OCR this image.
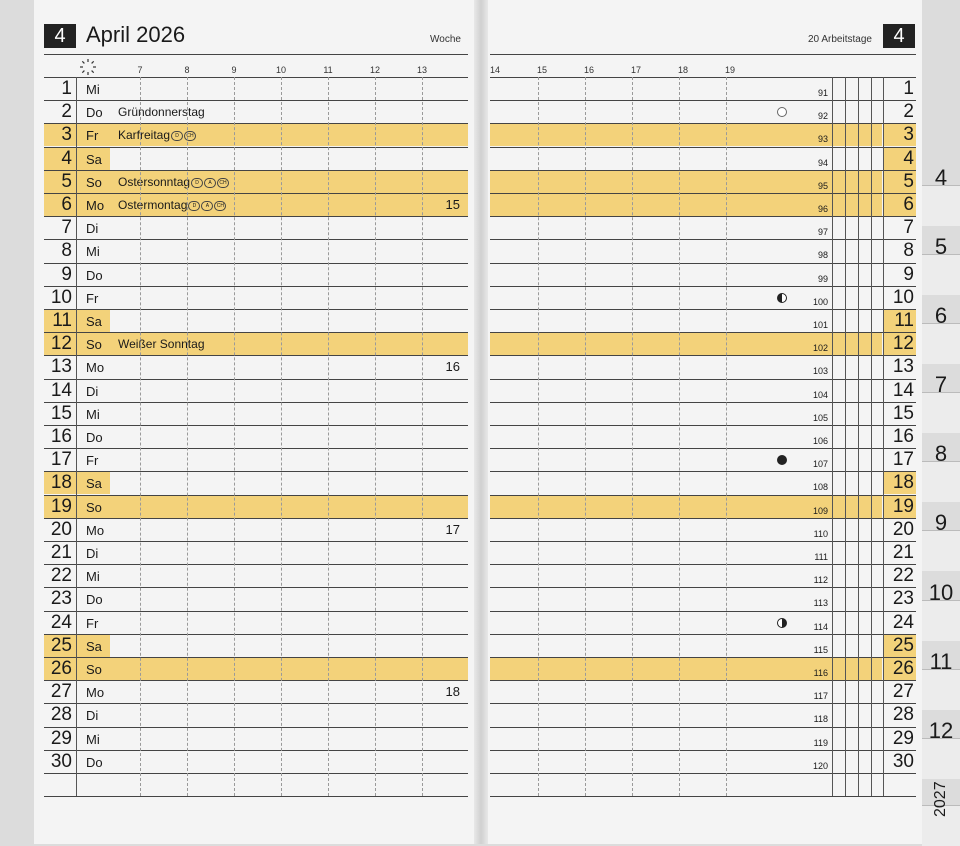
4 April 2026	Woche	20 Arbeitstage	4
7	8	9	10	11	12	13	14	15	16	17	18	19
1 Mi	91	1
2 Do Gründonnerstag	92	2
3 Fr Karfreitag D CH	93	3
4 Sa	94	4
5 So Ostersonntag D A CH	95	5
6 Mo Ostermontag D A CH	15	96	6
7 Di	97	7
8 Mi	98	8
9 Do	99	9
10 Fr	100	10
11 Sa	101	11
12 So Weißer Sonntag	102	12
13 Mo	16	103	13
14 Di	104	14
15 Mi	105	15
16 Do	106	16
17 Fr	107	17
18 Sa	108	18
19 So	109	19
20 Mo	17	110	20
21 Di	111	21
22 Mi	112	22
23 Do	113	23
24 Fr	114	24
25 Sa	115	25
26 So	116	26
27 Mo	18	117	27
28 Di	118	28
29 Mi	119	29
30 Do	120	30
4
5
6
7
8
9
10
11
12
2027
